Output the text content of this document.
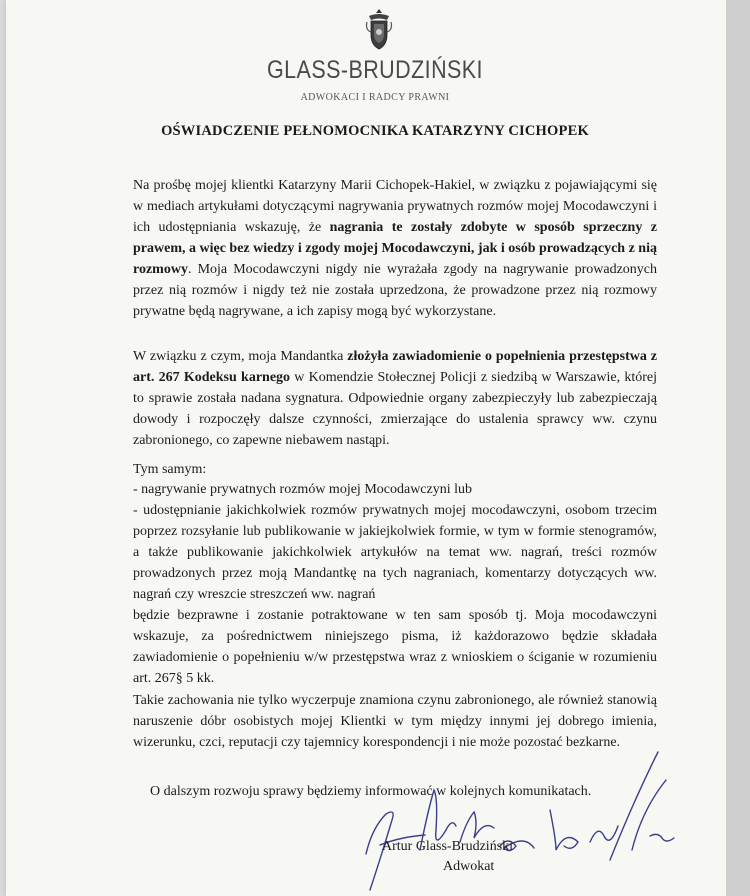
GLASS-BRUDZIŃSKI
ADWOKACI I RADCY PRAWNI
OŚWIADCZENIE PEŁNOMOCNIKA KATARZYNY CICHOPEK
Na prośbę mojej klientki Katarzyny Marii Cichopek-Hakiel, w związku z pojawiającymi się w mediach artykułami dotyczącymi nagrywania prywatnych rozmów mojej Mocodawczyni i ich udostępniania wskazuję, że nagrania te zostały zdobyte w sposób sprzeczny z prawem, a więc bez wiedzy i zgody mojej Mocodawczyni, jak i osób prowadzących z nią rozmowy. Moja Mocodawczyni nigdy nie wyrażała zgody na nagrywanie prowadzonych przez nią rozmów i nigdy też nie została uprzedzona, że prowadzone przez nią rozmowy prywatne będą nagrywane, a ich zapisy mogą być wykorzystane.
W związku z czym, moja Mandantka złożyła zawiadomienie o popełnienia przestępstwa z art. 267 Kodeksu karnego w Komendzie Stołecznej Policji z siedzibą w Warszawie, której to sprawie została nadana sygnatura. Odpowiednie organy zabezpieczyły lub zabezpieczają dowody i rozpoczęły dalsze czynności, zmierzające do ustalenia sprawcy ww. czynu zabronionego, co zapewne niebawem nastąpi.
Tym samym:
- nagrywanie prywatnych rozmów mojej Mocodawczyni lub
- udostępnianie jakichkolwiek rozmów prywatnych mojej mocodawczyni, osobom trzecim poprzez rozsyłanie lub publikowanie w jakiejkolwiek formie, w tym w formie stenogramów, a także publikowanie jakichkolwiek artykułów na temat ww. nagrań, treści rozmów prowadzonych przez moją Mandantkę na tych nagraniach, komentarzy dotyczących ww. nagrań czy wreszcie streszczeń ww. nagrań
będzie bezprawne i zostanie potraktowane w ten sam sposób tj. Moja mocodawczyni wskazuje, za pośrednictwem niniejszego pisma, iż każdorazowo będzie składała zawiadomienie o popełnieniu w/w przestępstwa wraz z wnioskiem o ściganie w rozumieniu art. 267§ 5 kk.
Takie zachowania nie tylko wyczerpuje znamiona czynu zabronionego, ale również stanowią naruszenie dóbr osobistych mojej Klientki w tym między innymi jej dobrego imienia, wizerunku, czci, reputacji czy tajemnicy korespondencji i nie może pozostać bezkarne.
O dalszym rozwoju sprawy będziemy informować w kolejnych komunikatach.
Artur Glass-Brudziński
Adwokat
